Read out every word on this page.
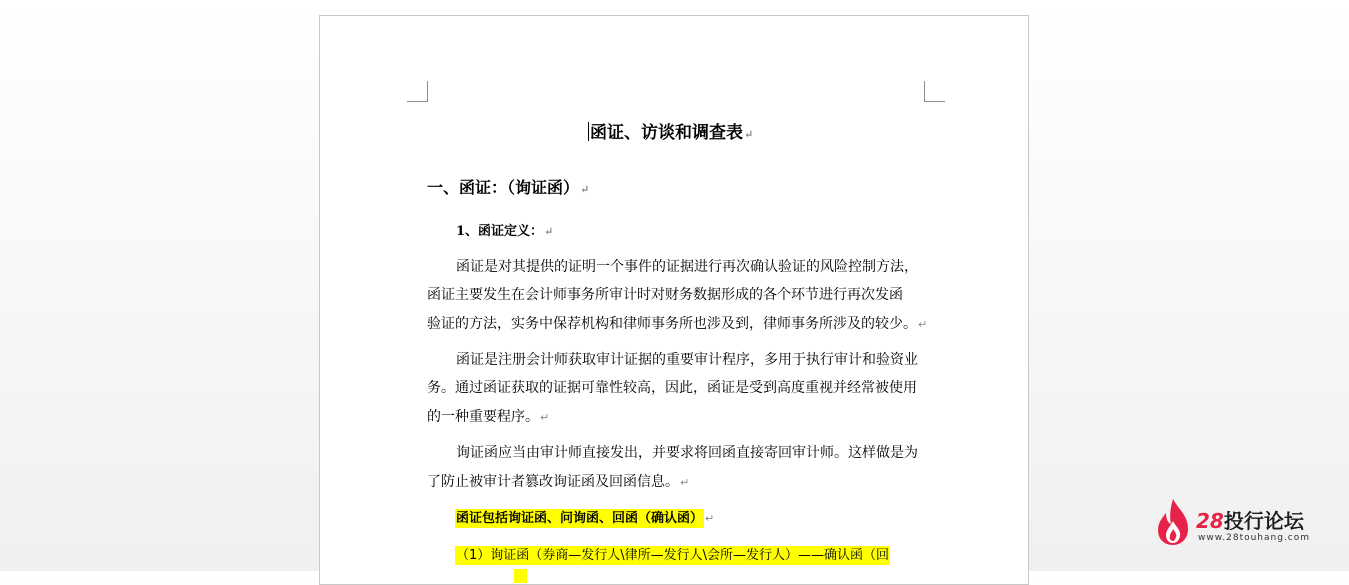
函证、访谈和调查表↵
一、函证：（询证函）↵
1、函证定义：↵
函证是对其提供的证明一个事件的证据进行再次确认验证的风险控制方法，
函证主要发生在会计师事务所审计时对财务数据形成的各个环节进行再次发函
验证的方法，实务中保荐机构和律师事务所也涉及到，律师事务所涉及的较少。↵
函证是注册会计师获取审计证据的重要审计程序，多用于执行审计和验资业
务。通过函证获取的证据可靠性较高，因此，函证是受到高度重视并经常被使用
的一种重要程序。↵
询证函应当由审计师直接发出，并要求将回函直接寄回审计师。这样做是为
了防止被审计者篡改询证函及回函信息。↵
函证包括询证函、问询函、回函（确认函） ↵
（1）询证函（券商—发行人\律所—发行人\会所—发行人）——确认函（回
28投行论坛
www.28touhang.com
